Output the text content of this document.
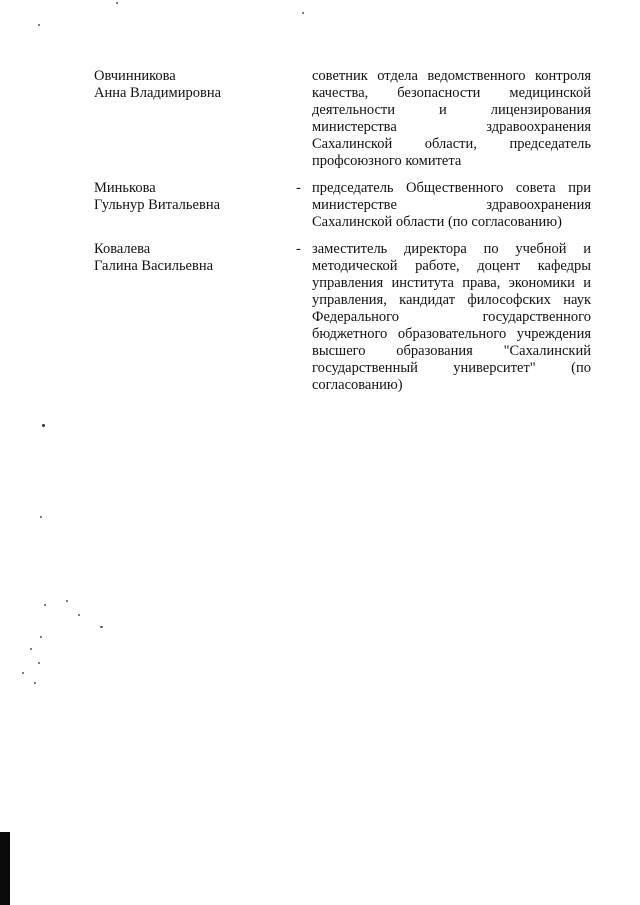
Овчинникова
Анна Владимировна
советник отдела ведомственного контроля
качества, безопасности медицинской
деятельности и лицензирования
министерства здравоохранения
Сахалинской области, председатель
профсоюзного комитета
Минькова
Гульнур Витальевна
- председатель Общественного совета при
министерстве здравоохранения
Сахалинской области (по согласованию)
Ковалева
Галина Васильевна
- заместитель директора по учебной и
методической работе, доцент кафедры
управления института права, экономики и
управления, кандидат философских наук
Федерального государственного
бюджетного образовательного учреждения
высшего образования "Сахалинский
государственный университет" (по
согласованию)
